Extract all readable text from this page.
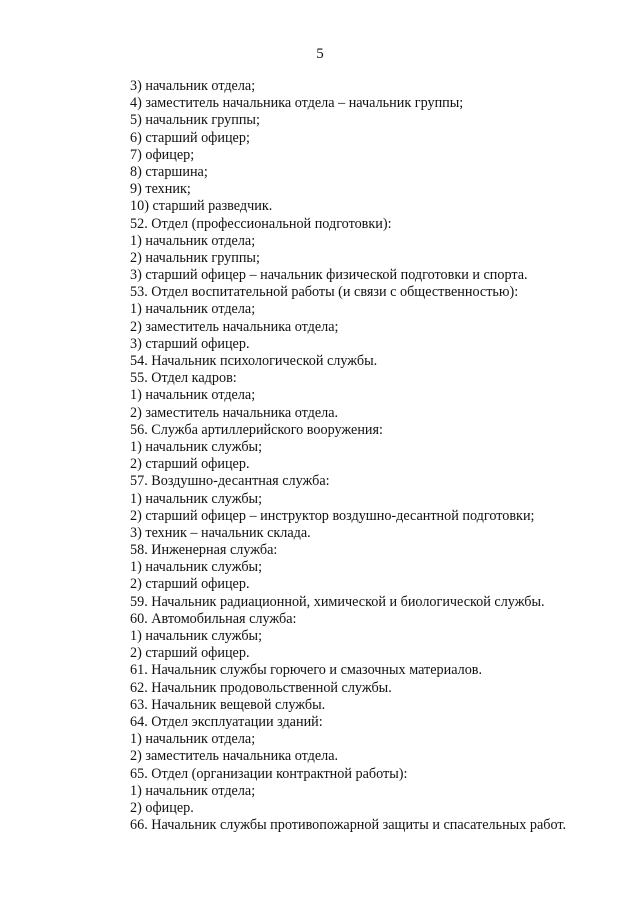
5
3) начальник отдела;
4) заместитель начальника отдела – начальник группы;
5) начальник группы;
6) старший офицер;
7) офицер;
8) старшина;
9) техник;
10) старший разведчик.
52. Отдел (профессиональной подготовки):
1) начальник отдела;
2) начальник группы;
3) старший офицер – начальник физической подготовки и спорта.
53. Отдел воспитательной работы (и связи с общественностью):
1) начальник отдела;
2) заместитель начальника отдела;
3) старший офицер.
54. Начальник психологической службы.
55. Отдел кадров:
1) начальник отдела;
2) заместитель начальника отдела.
56. Служба артиллерийского вооружения:
1) начальник службы;
2) старший офицер.
57. Воздушно-десантная служба:
1) начальник службы;
2) старший офицер – инструктор воздушно-десантной подготовки;
3) техник – начальник склада.
58. Инженерная служба:
1) начальник службы;
2) старший офицер.
59. Начальник радиационной, химической и биологической службы.
60. Автомобильная служба:
1) начальник службы;
2) старший офицер.
61. Начальник службы горючего и смазочных материалов.
62. Начальник продовольственной службы.
63. Начальник вещевой службы.
64. Отдел эксплуатации зданий:
1) начальник отдела;
2) заместитель начальника отдела.
65. Отдел (организации контрактной работы):
1) начальник отдела;
2) офицер.
66. Начальник службы противопожарной защиты и спасательных работ.
